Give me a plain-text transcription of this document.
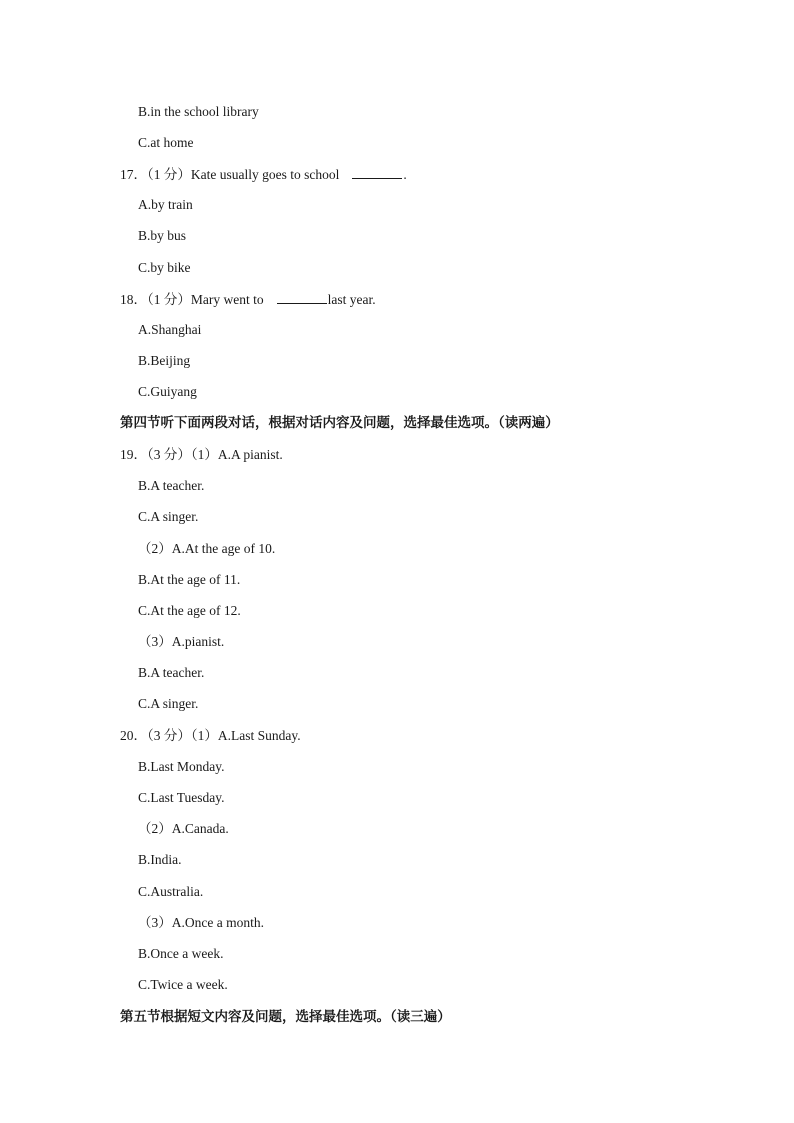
B.in the school library
C.at home
17．（1 分）Kate usually goes to school	.
A.by train
B.by bus
C.by bike
18．（1 分）Mary went to	last year.
A.Shanghai
B.Beijing
C.Guiyang
第四节听下面两段对话，根据对话内容及问题，选择最佳选项。（读两遍）
19．（3 分）（1）A.A pianist.
B.A teacher.
C.A singer.
（2）A.At the age of 10.
B.At the age of 11.
C.At the age of 12.
（3）A.pianist.
B.A teacher.
C.A singer.
20．（3 分）（1）A.Last Sunday.
B.Last Monday.
C.Last Tuesday.
（2）A.Canada.
B.India.
C.Australia.
（3）A.Once a month.
B.Once a week.
C.Twice a week.
第五节根据短文内容及问题，选择最佳选项。（读三遍）
